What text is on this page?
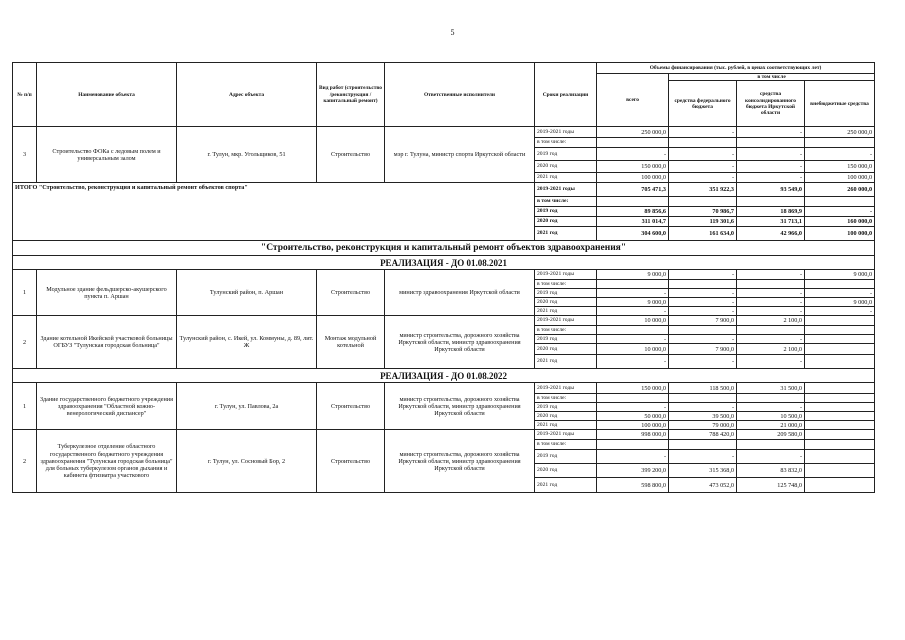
5
№ п/п	Наименование объекта	Адрес объекта	Вид работ (строительство /реконструкция /капитальный ремонт)	Ответственные исполнители	Сроки реализации	Объемы финансирования (тыс. рублей, в ценах соответствующих лет)			
						всего	в том числе		
							средства федерального бюджета	средства консолидированного бюджета Иркутской области	внебюджетные средства
3	Строительство ФОКа с ледовым полем и универсальным залом	г. Тулун, мкр. Угольщиков, 51	Строительство	мэр г. Тулуна, министр спорта Иркутской области	2019-2021 годы	250 000,0	-	-	250 000,0
					в том числе:				
					2019 год	-	-	-	-
					2020 год	150 000,0	-	-	150 000,0
					2021 год	100 000,0	-	-	100 000,0
ИТОГО "Строительство, реконструкция и капитальный ремонт объектов спорта"					2019-2021 годы	705 471,3	351 922,3	93 549,0	260 000,0
					в том числе:				
					2019 год	89 856,6	70 986,7	18 869,9	-
					2020 год	311 014,7	119 301,6	31 713,1	160 000,0
					2021 год	304 600,0	161 634,0	42 966,0	100 000,0
"Строительство, реконструкция и капитальный ремонт объектов здравоохранения"									
РЕАЛИЗАЦИЯ - ДО 01.08.2021									
1	Модульное здание фельдшерско-акушерского пункта п. Аршан	Тулунский район, п. Аршан	Строительство	министр здравоохранения Иркутской области	2019-2021 годы	9 000,0	-	-	9 000,0
					в том числе:				
					2019 год	-	-	-	-
					2020 год	9 000,0	-	-	9 000,0
					2021 год	-	-	-	-
2	Здание котельной Икейской участковой больницы ОГБУЗ "Тулунская городская больница"	Тулунский район, с. Икей, ул. Коммуны, д. 89, лит. Ж	Монтаж модульной котельной	министр строительства, дорожного хозяйства Иркутской области, министр здравоохранения Иркутской области	2019-2021 годы	10 000,0	7 900,0	2 100,0	
					в том числе:				
					2019 год	-	-	-	
					2020 год	10 000,0	7 900,0	2 100,0	
					2021 год	-	-	-	
РЕАЛИЗАЦИЯ - ДО 01.08.2022									
1	Здание государственного бюджетного учреждения здравоохранения "Областной кожно-венерологический диспансер"	г. Тулун, ул. Павлова, 2а	Строительство	министр строительства, дорожного хозяйства Иркутской области, министр здравоохранения Иркутской области	2019-2021 годы	150 000,0	118 500,0	31 500,0	
					в том числе:				
					2019 год	-	-	-	
					2020 год	50 000,0	39 500,0	10 500,0	
					2021 год	100 000,0	79 000,0	21 000,0	
2	Туберкулезное отделение областного государственного бюджетного учреждения здравоохранения "Тулунская городская больница" для больных туберкулезом органов дыхания и кабинета фтизиатра участкового	г. Тулун, ул. Сосновый Бор, 2	Строительство	министр строительства, дорожного хозяйства Иркутской области, министр здравоохранения Иркутской области	2019-2021 годы	998 000,0	788 420,0	209 580,0	
					в том числе:				
					2019 год	-	-	-	
					2020 год	399 200,0	315 368,0	83 832,0	
					2021 год	598 800,0	473 052,0	125 748,0	
